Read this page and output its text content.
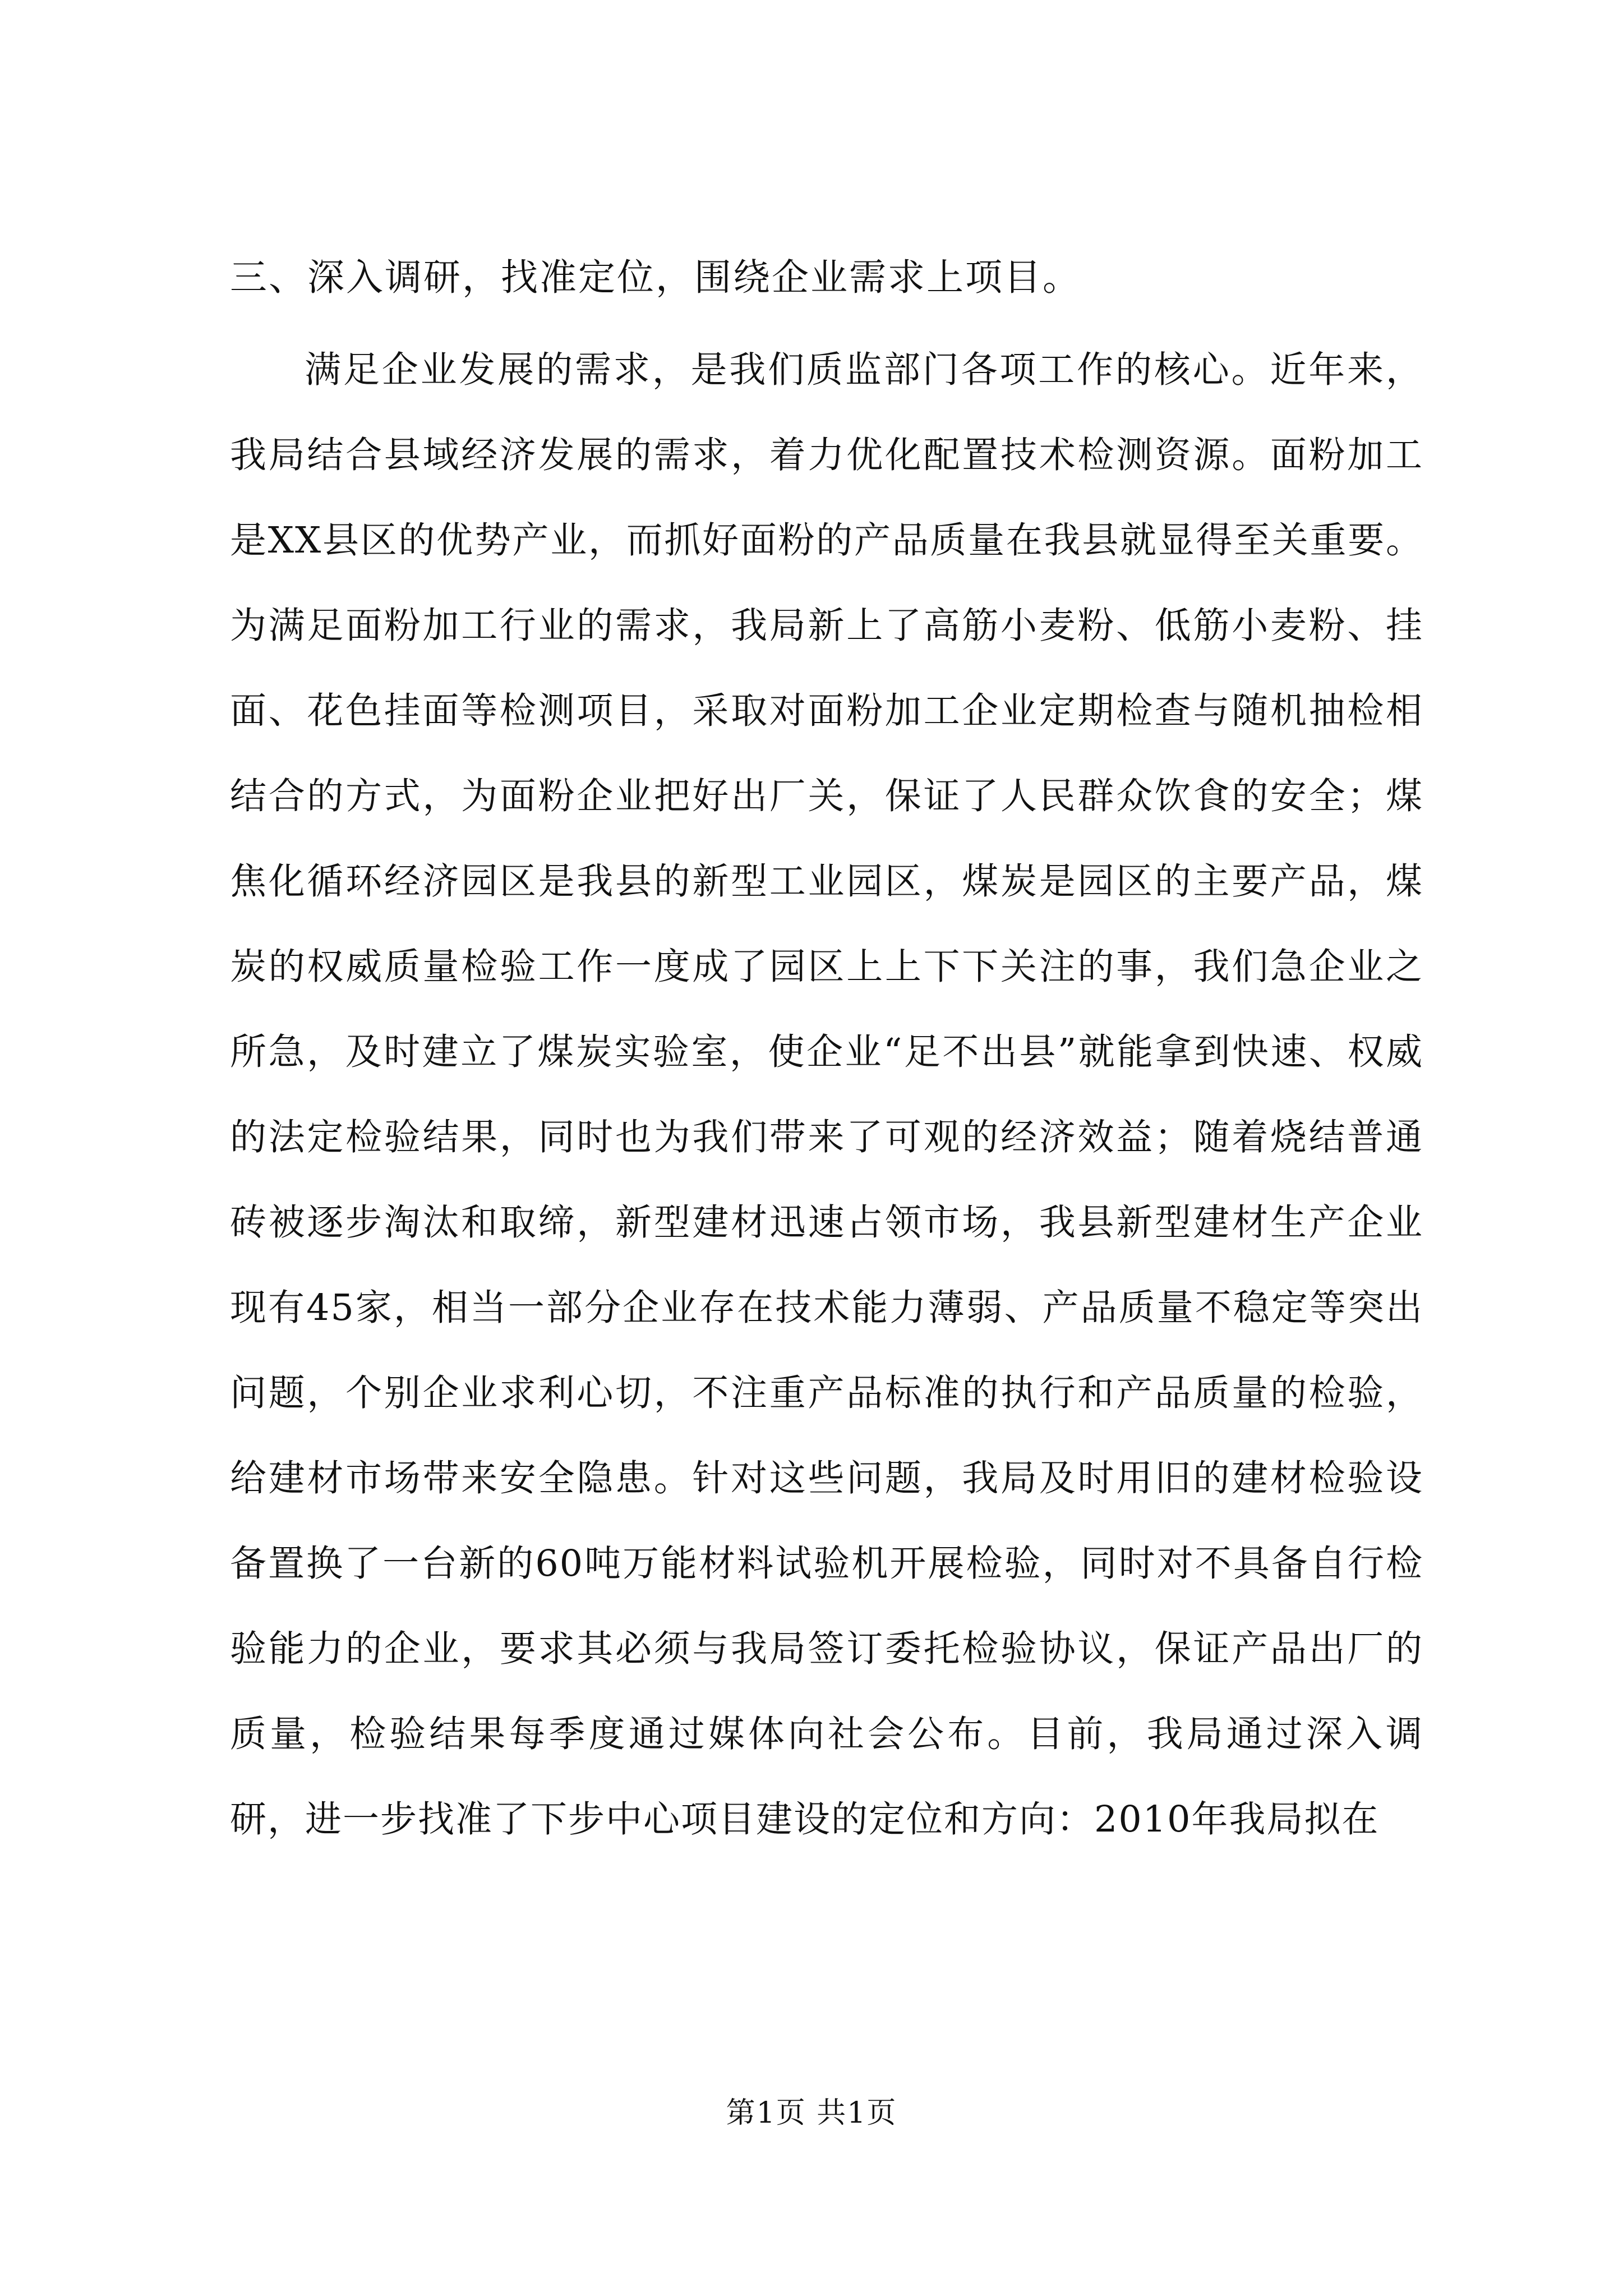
三、深入调研，找准定位，围绕企业需求上项目。

满足企业发展的需求，是我们质监部门各项工作的核心。近年来，我局结合县域经济发展的需求，着力优化配置技术检测资源。面粉加工是XX县区的优势产业，而抓好面粉的产品质量在我县就显得至关重要。为满足面粉加工行业的需求，我局新上了高筋小麦粉、低筋小麦粉、挂面、花色挂面等检测项目，采取对面粉加工企业定期检查与随机抽检相结合的方式，为面粉企业把好出厂关，保证了人民群众饮食的安全；煤焦化循环经济园区是我县的新型工业园区，煤炭是园区的主要产品，煤炭的权威质量检验工作一度成了园区上上下下关注的事，我们急企业之所急，及时建立了煤炭实验室，使企业“足不出县”就能拿到快速、权威的法定检验结果，同时也为我们带来了可观的经济效益；随着烧结普通砖被逐步淘汰和取缔，新型建材迅速占领市场，我县新型建材生产企业现有45家，相当一部分企业存在技术能力薄弱、产品质量不稳定等突出问题，个别企业求利心切，不注重产品标准的执行和产品质量的检验，给建材市场带来安全隐患。针对这些问题，我局及时用旧的建材检验设备置换了一台新的60吨万能材料试验机开展检验，同时对不具备自行检验能力的企业，要求其必须与我局签订委托检验协议，保证产品出厂的质量，检验结果每季度通过媒体向社会公布。目前，我局通过深入调研，进一步找准了下步中心项目建设的定位和方向：2010年我局拟在

第1页 共1页
